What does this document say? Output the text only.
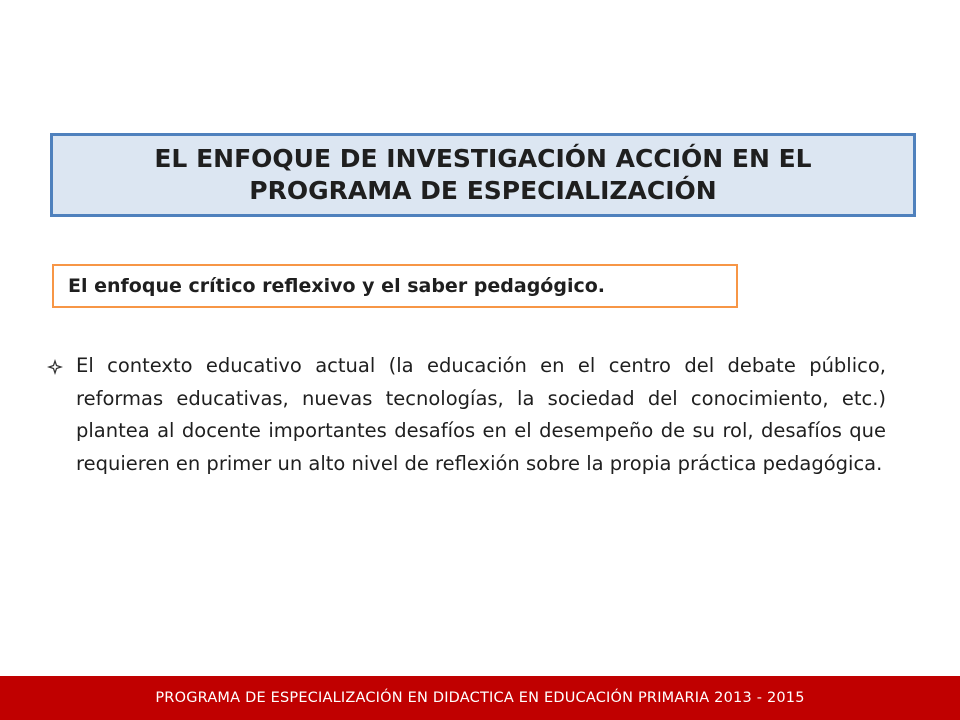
EL ENFOQUE DE INVESTIGACIÓN ACCIÓN EN EL
PROGRAMA DE ESPECIALIZACIÓN
El enfoque crítico reflexivo y el saber pedagógico.
El contexto educativo actual (la educación en el centro del debate público, reformas educativas, nuevas tecnologías, la sociedad del conocimiento, etc.) plantea al docente importantes desafíos en el desempeño de su rol, desafíos que requieren en primer un alto nivel de reflexión sobre la propia práctica pedagógica.
PROGRAMA DE ESPECIALIZACIÓN EN DIDACTICA EN EDUCACIÓN PRIMARIA 2013 - 2015
